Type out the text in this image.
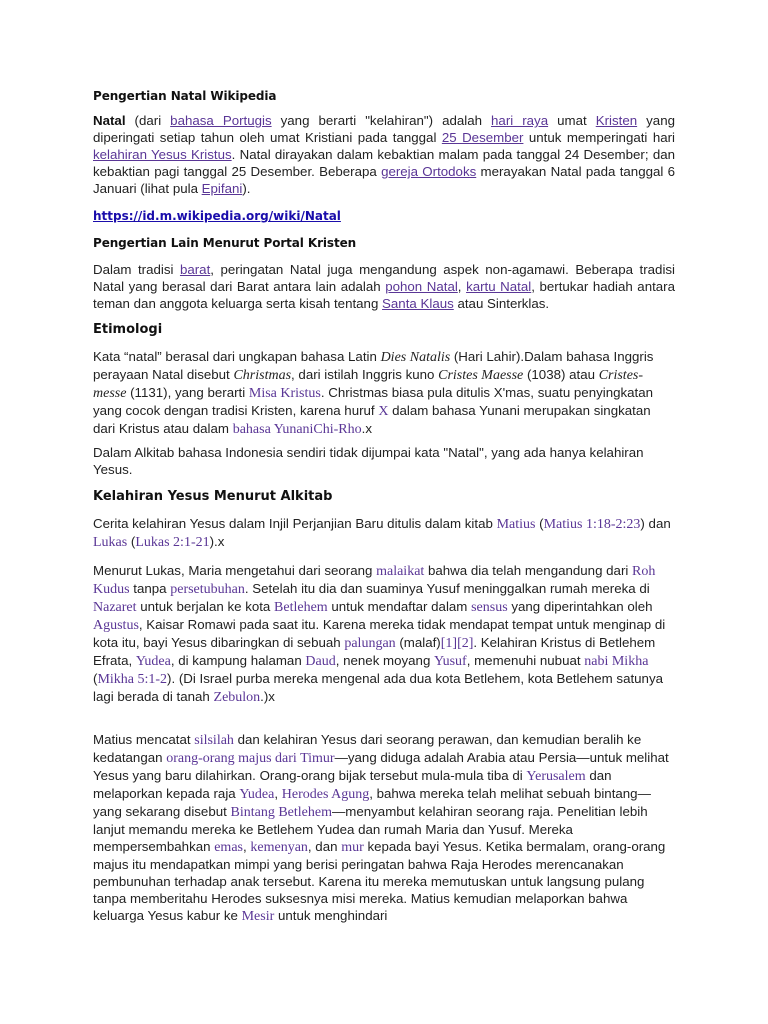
Pengertian Natal Wikipedia

Natal (dari bahasa Portugis yang berarti "kelahiran") adalah hari raya umat Kristen yang diperingati setiap tahun oleh umat Kristiani pada tanggal 25 Desember untuk memperingati hari kelahiran Yesus Kristus. Natal dirayakan dalam kebaktian malam pada tanggal 24 Desember; dan kebaktian pagi tanggal 25 Desember. Beberapa gereja Ortodoks merayakan Natal pada tanggal 6 Januari (lihat pula Epifani).

https://id.m.wikipedia.org/wiki/Natal
Pengertian Lain Menurut Portal Kristen

Dalam tradisi barat, peringatan Natal juga mengandung aspek non-agamawi. Beberapa tradisi Natal yang berasal dari Barat antara lain adalah pohon Natal, kartu Natal, bertukar hadiah antara teman dan anggota keluarga serta kisah tentang Santa Klaus atau Sinterklas.

Etimologi

Kata “natal” berasal dari ungkapan bahasa Latin Dies Natalis (Hari Lahir).Dalam bahasa Inggris perayaan Natal disebut Christmas, dari istilah Inggris kuno Cristes Maesse (1038) atau Cristes-messe (1131), yang berarti Misa Kristus. Christmas biasa pula ditulis X'mas, suatu penyingkatan yang cocok dengan tradisi Kristen, karena huruf X dalam bahasa Yunani merupakan singkatan dari Kristus atau dalam bahasa YunaniChi-Rho.x

Dalam Alkitab bahasa Indonesia sendiri tidak dijumpai kata "Natal", yang ada hanya kelahiran Yesus.

Kelahiran Yesus Menurut Alkitab

Cerita kelahiran Yesus dalam Injil Perjanjian Baru ditulis dalam kitab Matius (Matius 1:18-2:23) dan Lukas (Lukas 2:1-21).x

Menurut Lukas, Maria mengetahui dari seorang malaikat bahwa dia telah mengandung dari Roh Kudus tanpa persetubuhan. Setelah itu dia dan suaminya Yusuf meninggalkan rumah mereka di Nazaret untuk berjalan ke kota Betlehem untuk mendaftar dalam sensus yang diperintahkan oleh Agustus, Kaisar Romawi pada saat itu. Karena mereka tidak mendapat tempat untuk menginap di kota itu, bayi Yesus dibaringkan di sebuah palungan (malaf)[1][2]. Kelahiran Kristus di Betlehem Efrata, Yudea, di kampung halaman Daud, nenek moyang Yusuf, memenuhi nubuat nabi Mikha (Mikha 5:1-2). (Di Israel purba mereka mengenal ada dua kota Betlehem, kota Betlehem satunya lagi berada di tanah Zebulon.)x

Matius mencatat silsilah dan kelahiran Yesus dari seorang perawan, dan kemudian beralih ke kedatangan orang-orang majus dari Timur—yang diduga adalah Arabia atau Persia—untuk melihat Yesus yang baru dilahirkan. Orang-orang bijak tersebut mula-mula tiba di Yerusalem dan melaporkan kepada raja Yudea, Herodes Agung, bahwa mereka telah melihat sebuah bintang—yang sekarang disebut Bintang Betlehem—menyambut kelahiran seorang raja. Penelitian lebih lanjut memandu mereka ke Betlehem Yudea dan rumah Maria dan Yusuf. Mereka mempersembahkan emas, kemenyan, dan mur kepada bayi Yesus. Ketika bermalam, orang-orang majus itu mendapatkan mimpi yang berisi peringatan bahwa Raja Herodes merencanakan pembunuhan terhadap anak tersebut. Karena itu mereka memutuskan untuk langsung pulang tanpa memberitahu Herodes suksesnya misi mereka. Matius kemudian melaporkan bahwa keluarga Yesus kabur ke Mesir untuk menghindari
